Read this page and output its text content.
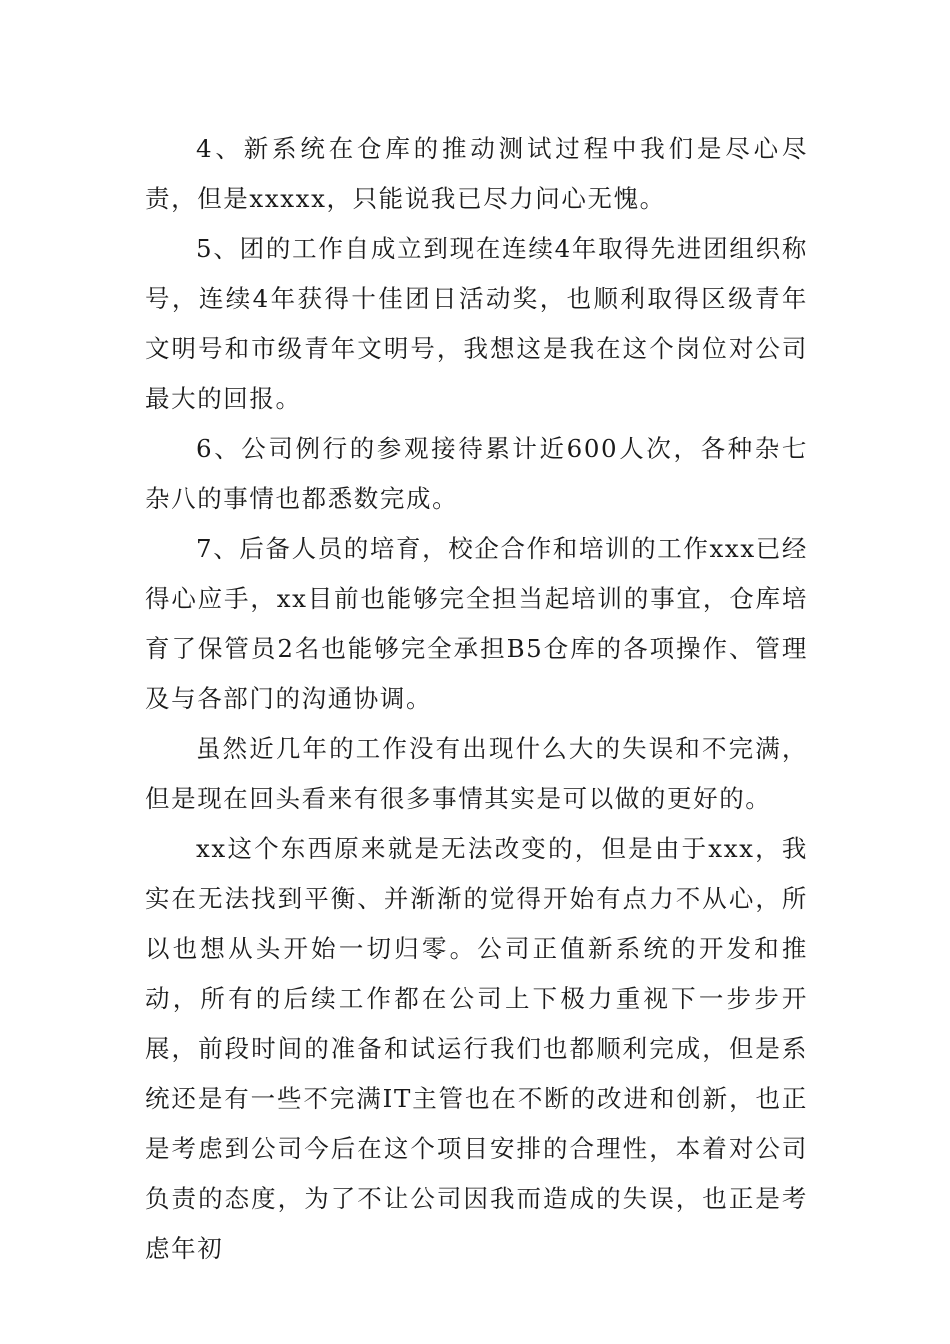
4、新系统在仓库的推动测试过程中我们是尽心尽责，但是xxxxx，只能说我已尽力问心无愧。

5、团的工作自成立到现在连续4年取得先进团组织称号，连续4年获得十佳团日活动奖，也顺利取得区级青年文明号和市级青年文明号，我想这是我在这个岗位对公司最大的回报。

6、公司例行的参观接待累计近600人次，各种杂七杂八的事情也都悉数完成。

7、后备人员的培育，校企合作和培训的工作xxx已经得心应手，xx目前也能够完全担当起培训的事宜，仓库培育了保管员2名也能够完全承担B5仓库的各项操作、管理及与各部门的沟通协调。

虽然近几年的工作没有出现什么大的失误和不完满，但是现在回头看来有很多事情其实是可以做的更好的。

xx这个东西原来就是无法改变的，但是由于xxx，我实在无法找到平衡、并渐渐的觉得开始有点力不从心，所以也想从头开始一切归零。公司正值新系统的开发和推动，所有的后续工作都在公司上下极力重视下一步步开展，前段时间的准备和试运行我们也都顺利完成，但是系统还是有一些不完满IT主管也在不断的改进和创新，也正是考虑到公司今后在这个项目安排的合理性，本着对公司负责的态度，为了不让公司因我而造成的失误，也正是考虑年初
